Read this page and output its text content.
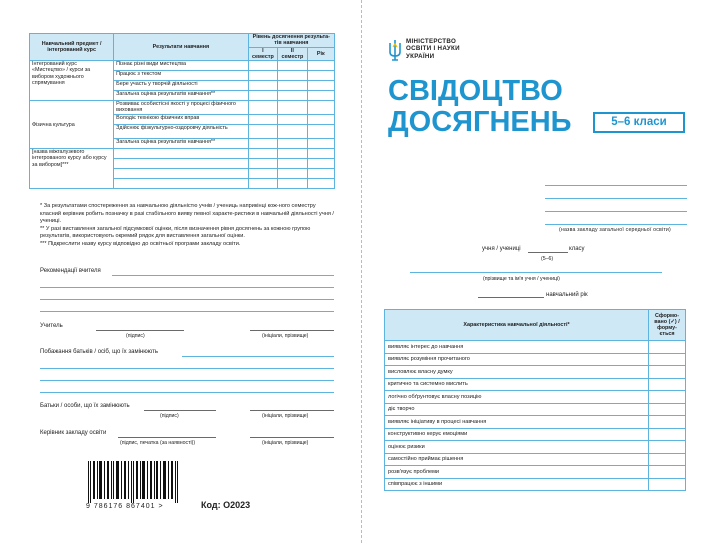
Навчальний предмет / інтегрований курс	Результати навчання	Рівень досягнення результа-тів навчання		
		І семестр	ІІ семестр	Рік
Інтегрований курс «Мистецтво» / курси за вибором художнього спрямування	Пізнає різні види мистецтва			
	Працює з текстом			
	Бере участь у творчій діяльності			
	Загальна оцінка результатів навчання**			
Фізична культура	Розвиває особистісні якості у процесі фізичного виховання			
	Володіє технікою фізичних вправ			
	Здійснює фізкультурно-оздоровчу діяльність			
	Загальна оцінка результатів навчання**			
[назва міжгалузевого інтегрованого курсу або курсу за вибором]***				

* За результатами спостереження за навчальною діяльністю учнів / учениць наприкінці кож-ного семестру класний керівник робить позначку в разі стабільного вияву певної характе-ристики в навчальній діяльності учня / учениці.
** У разі виставлення загальної підсумкової оцінки, після визначення рівня досягнень за кожною групою результатів, використовують окремий рядок для виставлення загальної оцінки.
*** Підкреслити назву курсу відповідно до освітньої програми закладу освіти.
Рекомендації вчителя
Учитель
(підпис)	(ініціали, прізвище)
Побажання батьків / осіб, що їх замінюють
Батьки / особи, що їх замінюють
(підпис)	(ініціали, прізвище)
Керівник закладу освіти
(підпис, печатка (за наявності))	(ініціали, прізвище)
9 786176 867401 >	Код: О2023
МІНІСТЕРСТВО
ОСВІТИ І НАУКИ
УКРАЇНИ
СВІДОЦТВО
ДОСЯГНЕНЬ	5–6 класи
(назва закладу загальної середньої освіти)
учня / учениці	класу
(5–6)
(прізвище та ім'я учня / учениці)
навчальний рік
Характеристика навчальної діяльності*	Сформо-вано (✓) / форму-ється
виявляє інтерес до навчання	
виявляє розуміння прочитаного	
висловлює власну думку	
критично та системно мислить	
логічно обґрунтовує власну позицію	
діє творчо	
виявляє ініціативу в процесі навчання	
конструктивно керує емоціями	
оцінює ризики	
самостійно приймає рішення	
розв'язує проблеми	
співпрацює з іншими	
